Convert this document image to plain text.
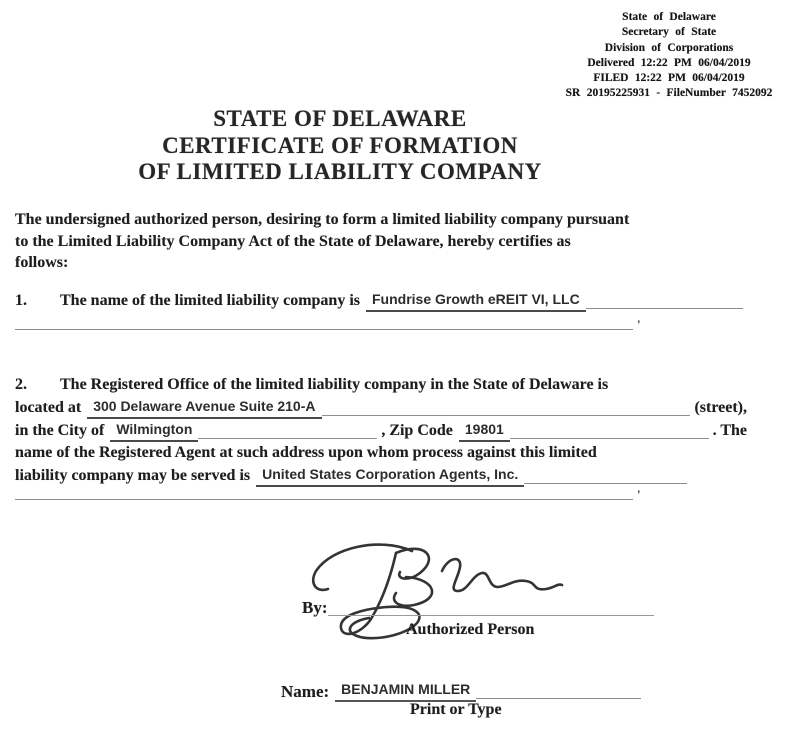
State of Delaware
Secretary of State
Division of Corporations
Delivered 12:22 PM 06/04/2019
FILED 12:22 PM 06/04/2019
SR 20195225931 - FileNumber 7452092
STATE OF DELAWARE
CERTIFICATE OF FORMATION
OF LIMITED LIABILITY COMPANY
The undersigned authorized person, desiring to form a limited liability company pursuant
to the Limited Liability Company Act of the State of Delaware, hereby certifies as
follows:
1.	The name of the limited liability company is Fundrise Growth eREIT VI, LLC
'
2.	The Registered Office of the limited liability company in the State of Delaware is
located at 300 Delaware Avenue Suite 210-A	(street),
in the City of Wilmington	, Zip Code 19801	. The
name of the Registered Agent at such address upon whom process against this limited
liability company may be served is United States Corporation Agents, Inc.
'
By:
Authorized Person
Name: BENJAMIN MILLER
Print or Type
